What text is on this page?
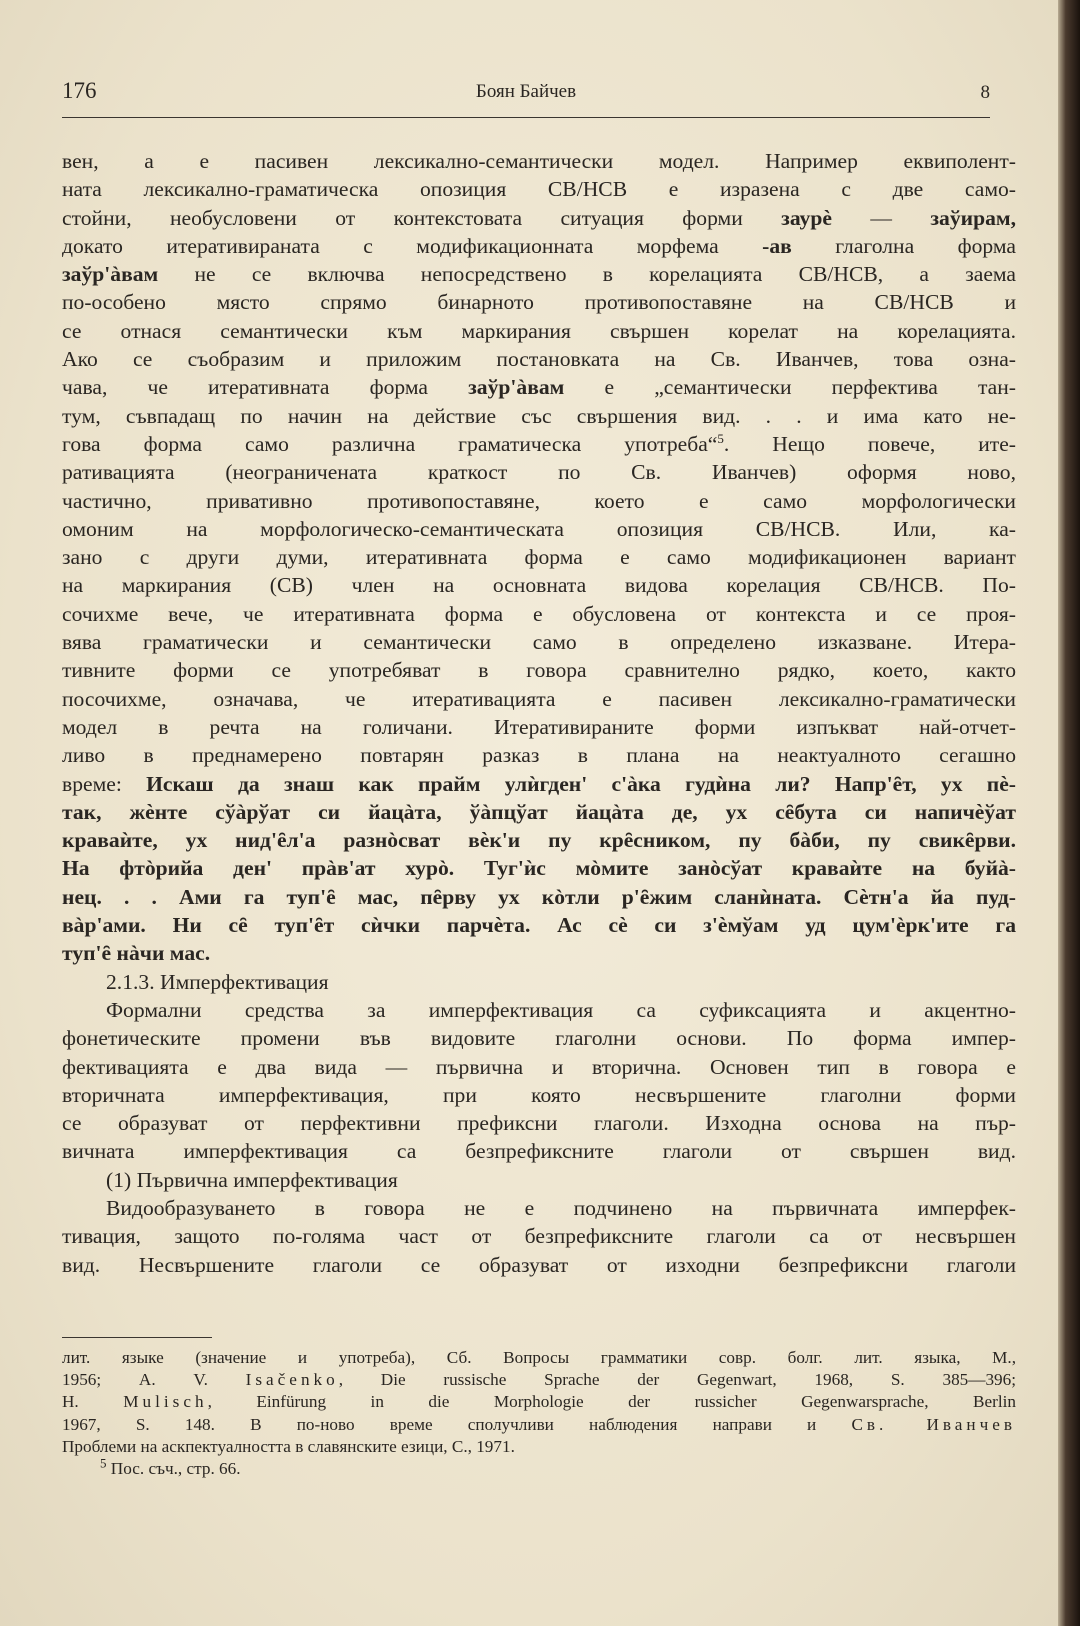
176	Боян Байчев	8
вен, а е пасивен лексикално-семантически модел. Например еквиполент-
ната лексикално-граматическа опозиция СВ/НСВ е изразена с две само-
стойни, необусловени от контекстовата ситуация форми заурѐ — заўирам,
докато итеративираната с модификационната морфема -ав глаголна форма
заўр'àвам не се включва непосредствено в корелацията СВ/НСВ, а заема
по-особено място спрямо бинарното противопоставяне на СВ/НСВ и
се отнася семантически към маркирания свършен корелат на корелацията.
Ако се съобразим и приложим постановката на Св. Иванчев, това озна-
чава, че итеративната форма заўр'àвам е „семантически перфектива тан-
тум, съвпадащ по начин на действие със свършения вид. . . и има като не-
гова форма само различна граматическа употреба“$^5$. Нещо повече, ите-
ративацията (неограничената краткост по Св. Иванчев) оформя ново,
частично, привативно противопоставяне, което е само морфологически
омоним на морфологическо-семантическата опозиция СВ/НСВ. Или, ка-
зано с други думи, итеративната форма е само модификационен вариант
на маркирания (СВ) член на основната видова корелация СВ/НСВ. По-
сочихме вече, че итеративната форма е обусловена от контекста и се проя-
вява граматически и семантически само в определено изказване. Итера-
тивните форми се употребяват в говора сравнително рядко, което, както
посочихме, означава, че итеративацията е пасивен лексикално-граматически
модел в речта на голичани. Итеративираните форми изпъкват най-отчет-
ливо в преднамерено повтарян разказ в плана на неактуалното сегашно
време: Искаш да знаш как прайм улѝгден' с'àка гудѝна ли? Напр'ȇт, ух пѐ-
так, жѐнте сўàрўат си йацàта, ўàпцўат йацàта де, ух сȇбута си напичѐўат
краваѝте, ух нид'ȇл'а разнòсват вѐк'и пу крȇсником, пу бàби, пу свикȇрви.
На фтòрийа ден' прàв'ат хурò. Туг'ѝс мòмите занòсўат краваѝте на буйà-
нец. . . Ами га туп'ȇ мас, пȇрву ух кòтли р'ȇжим сланѝната. Сѐтн'а йа пуд-
вàр'ами. Ни сȇ туп'ȇт сѝчки парчѐта. Ас сѐ си з'ѐмўам уд цум'èрк'ите га
туп'ȇ нàчи мас.
2.1.3. Имперфективация
Формални средства за имперфективация са суфиксацията и акцентно-
фонетическите промени във видовите глаголни основи. По форма импер-
фективацията е два вида — първична и вторична. Основен тип в говора е
вторичната имперфективация, при която несвършените глаголни форми
се образуват от перфективни префиксни глаголи. Изходна основа на пър-
вичната имперфективация са безпрефиксните глаголи от свършен вид.
(1) Първична имперфективация
Видообразуването в говора не е подчинено на първичната имперфек-
тивация, защото по-голяма част от безпрефиксните глаголи са от несвършен
вид. Несвършените глаголи се образуват от изходни безпрефиксни глаголи
лит. языке (значение и употреба), Сб. Вопросы грамматики совр. болг. лит. языка, М.,
1956; А. V. Isačenko, Die russische Sprache der Gegenwart, 1968, S. 385—396;
H.	Mulisch, Einfürung in die Morphologie der russicher Gegenwarsprache, Berlin
1967, S. 148. В по-ново време сполучливи наблюдения направи и Св. Иванчев
Проблеми на аскпектуалността в славянските езици, С., 1971.
$^5$ Пос. съч., стр. 66.
